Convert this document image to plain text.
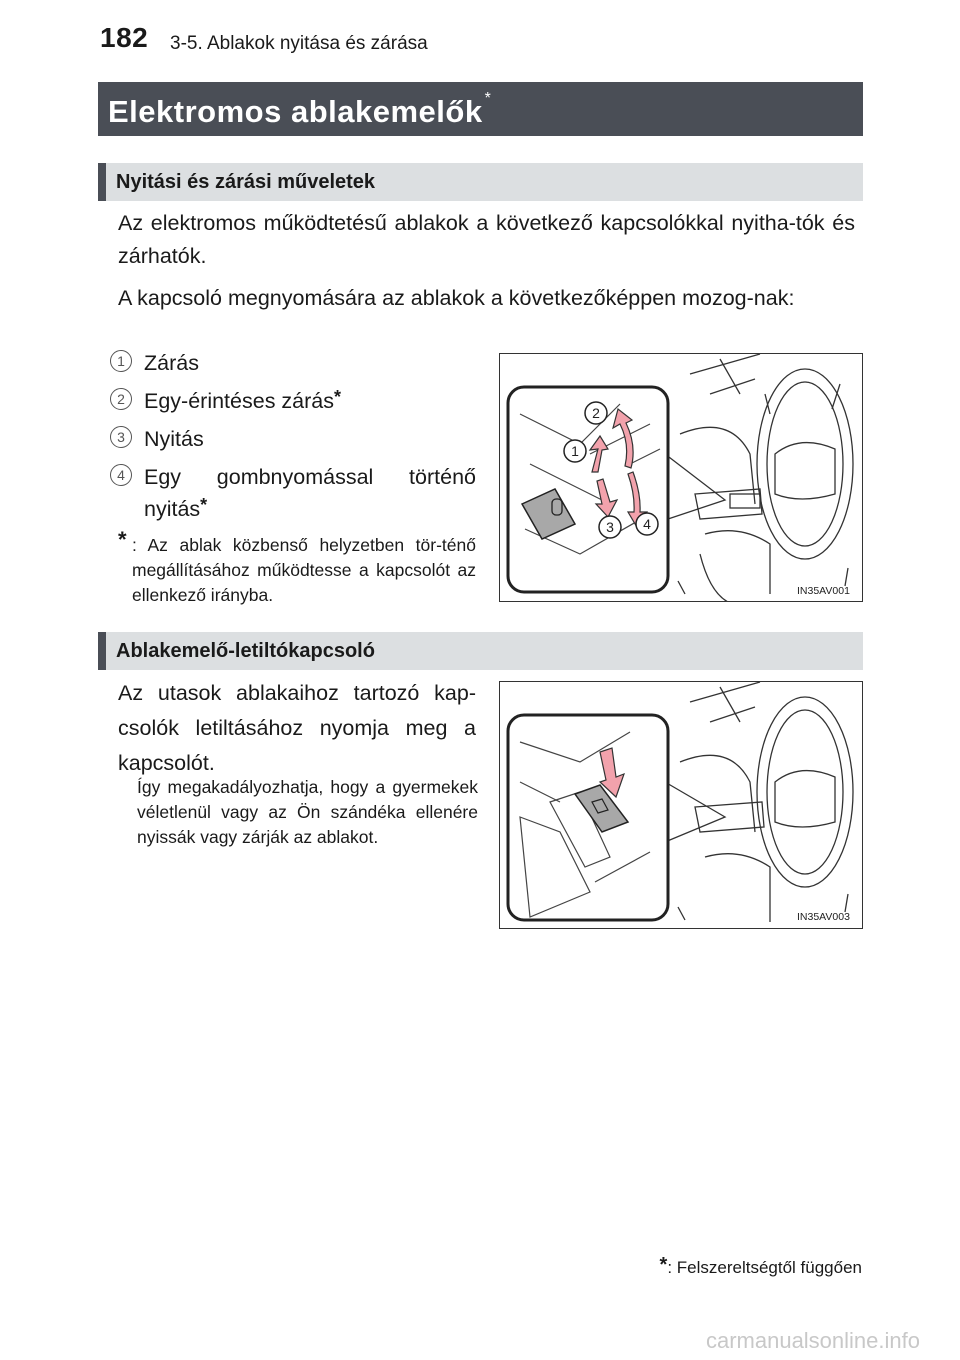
182 3-5. Ablakok nyitása és zárása
Elektromos ablakemelők *
Nyitási és zárási műveletek
Az elektromos működtetésű ablakok a következő kapcsolókkal nyitha-tók és zárhatók.
A kapcsoló megnyomására az ablakok a következőképpen mozog-nak:
1 Zárás
2 Egy-érintéses zárás*
3 Nyitás
4 Egy gombnyomással történő nyitás*
* : Az ablak közbenső helyzetben tör-ténő megállításához működtesse a kapcsolót az ellenkező irányba.
2
1
3 4
IN35AV001
Ablakemelő-letiltókapcsoló
Az utasok ablakaihoz tartozó kap-csolók letiltásához nyomja meg a kapcsolót.
Így megakadályozhatja, hogy a gyermekek véletlenül vagy az Ön szándéka ellenére nyissák vagy zárják az ablakot.
IN35AV003
*: Felszereltségtől függően
carmanualsonline.info
